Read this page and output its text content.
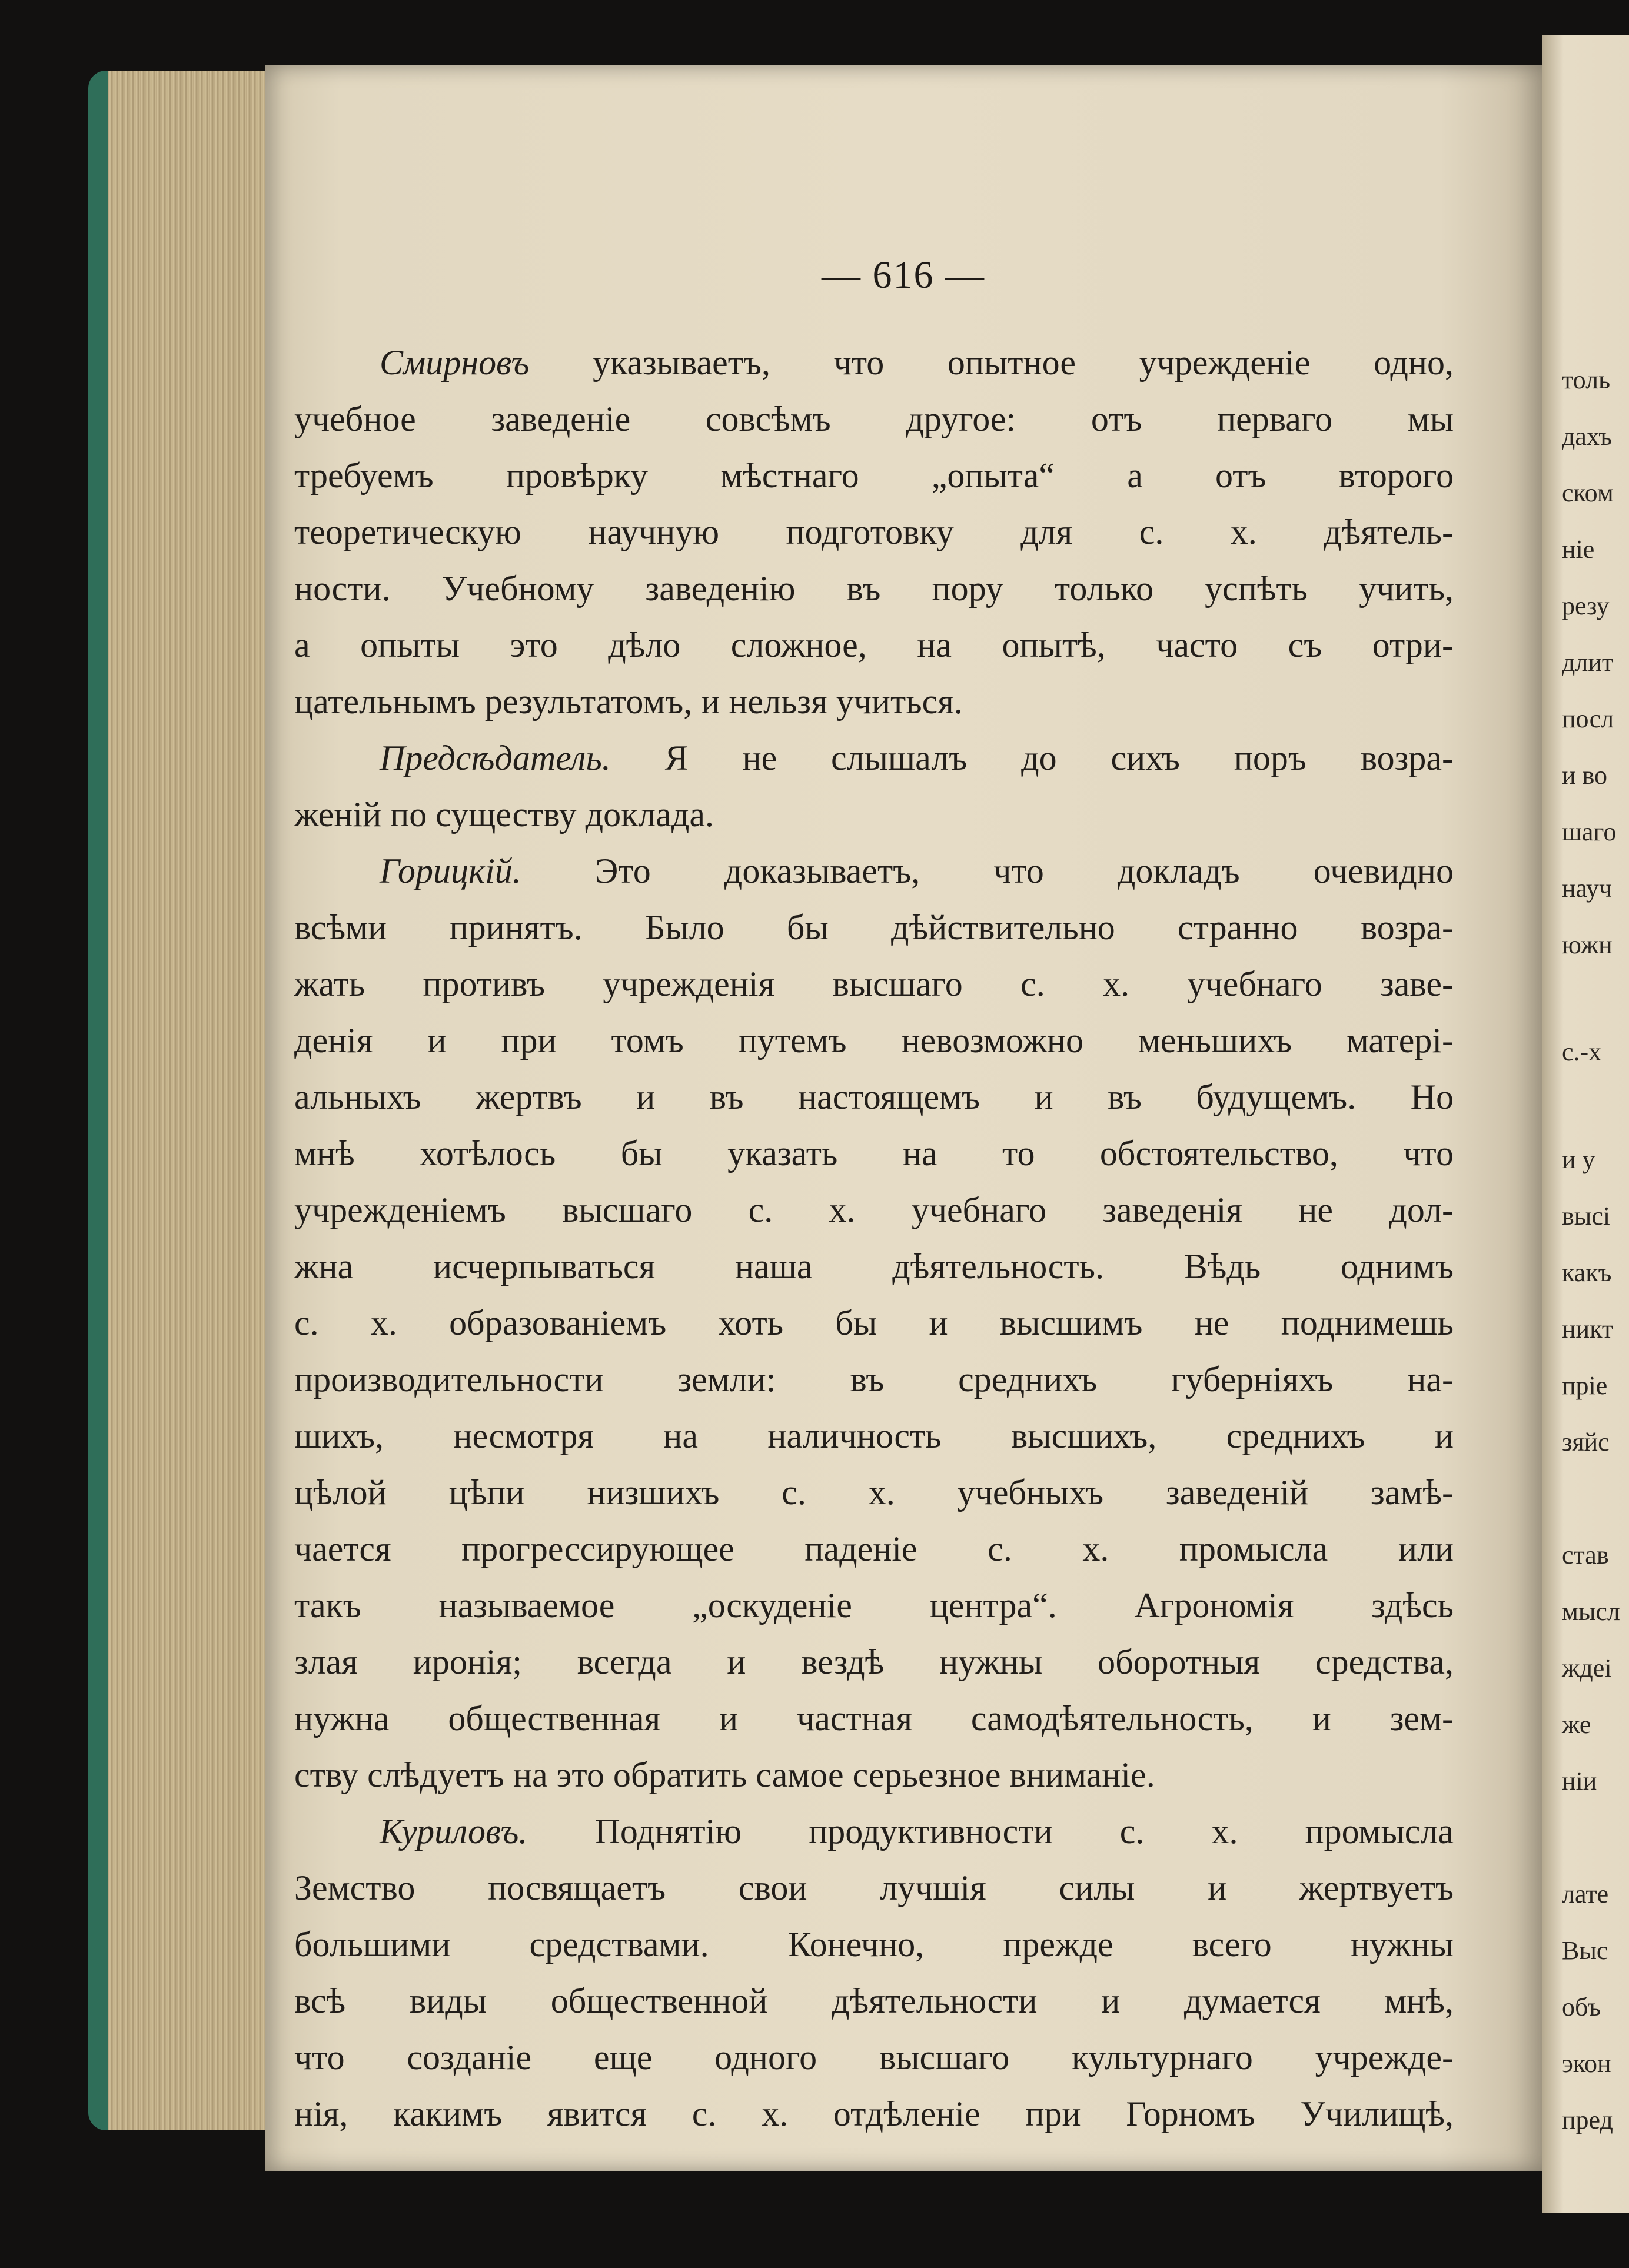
— 616 —
Смирновъ указываетъ, что опытное учрежденіе одно,
учебное заведеніе совсѣмъ другое: отъ перваго мы
требуемъ провѣрку мѣстнаго „опыта“ а отъ второго
теоретическую научную подготовку для с. х. дѣятель-
ности. Учебному заведенію въ пору только успѣть учить,
а опыты это дѣло сложное, на опытѣ, часто съ отри-
цательнымъ результатомъ, и нельзя учиться.
Предсѣдатель. Я не слышалъ до сихъ поръ возра-
женій по существу доклада.
Горицкій. Это доказываетъ, что докладъ очевидно
всѣми принятъ. Было бы дѣйствительно странно возра-
жать противъ учрежденія высшаго с. х. учебнаго заве-
денія и при томъ путемъ невозможно меньшихъ матері-
альныхъ жертвъ и въ настоящемъ и въ будущемъ. Но
мнѣ хотѣлось бы указать на то обстоятельство, что
учрежденіемъ высшаго с. х. учебнаго заведенія не дол-
жна исчерпываться наша дѣятельность. Вѣдь однимъ
с. х. образованіемъ хоть бы и высшимъ не поднимешь
производительности земли: въ среднихъ губерніяхъ на-
шихъ, несмотря на наличность высшихъ, среднихъ и
цѣлой цѣпи низшихъ с. х. учебныхъ заведеній замѣ-
чается прогрессирующее паденіе с. х. промысла или
такъ называемое „оскуденіе центра“. Агрономія здѣсь
злая иронія; всегда и вездѣ нужны оборотныя средства,
нужна общественная и частная самодѣятельность, и зем-
ству слѣдуетъ на это обратить самое серьезное вниманіе.
Куриловъ. Поднятію продуктивности с. х. промысла
Земство посвящаетъ свои лучшія силы и жертвуетъ
большими средствами. Конечно, прежде всего нужны
всѣ виды общественной дѣятельности и думается мнѣ,
что созданіе еще одного высшаго культурнаго учрежде-
нія, какимъ явится с. х. отдѣленіе при Горномъ Училищѣ,
толь
дахъ
ском
ніе
резу
длит
посл
и во
шаго
науч
южн
с.-х
и у
высі
какъ
никт
пріе
зяйс
став
мысл
ждеі
же
ніи
лате
Выс
объ
экон
пред
